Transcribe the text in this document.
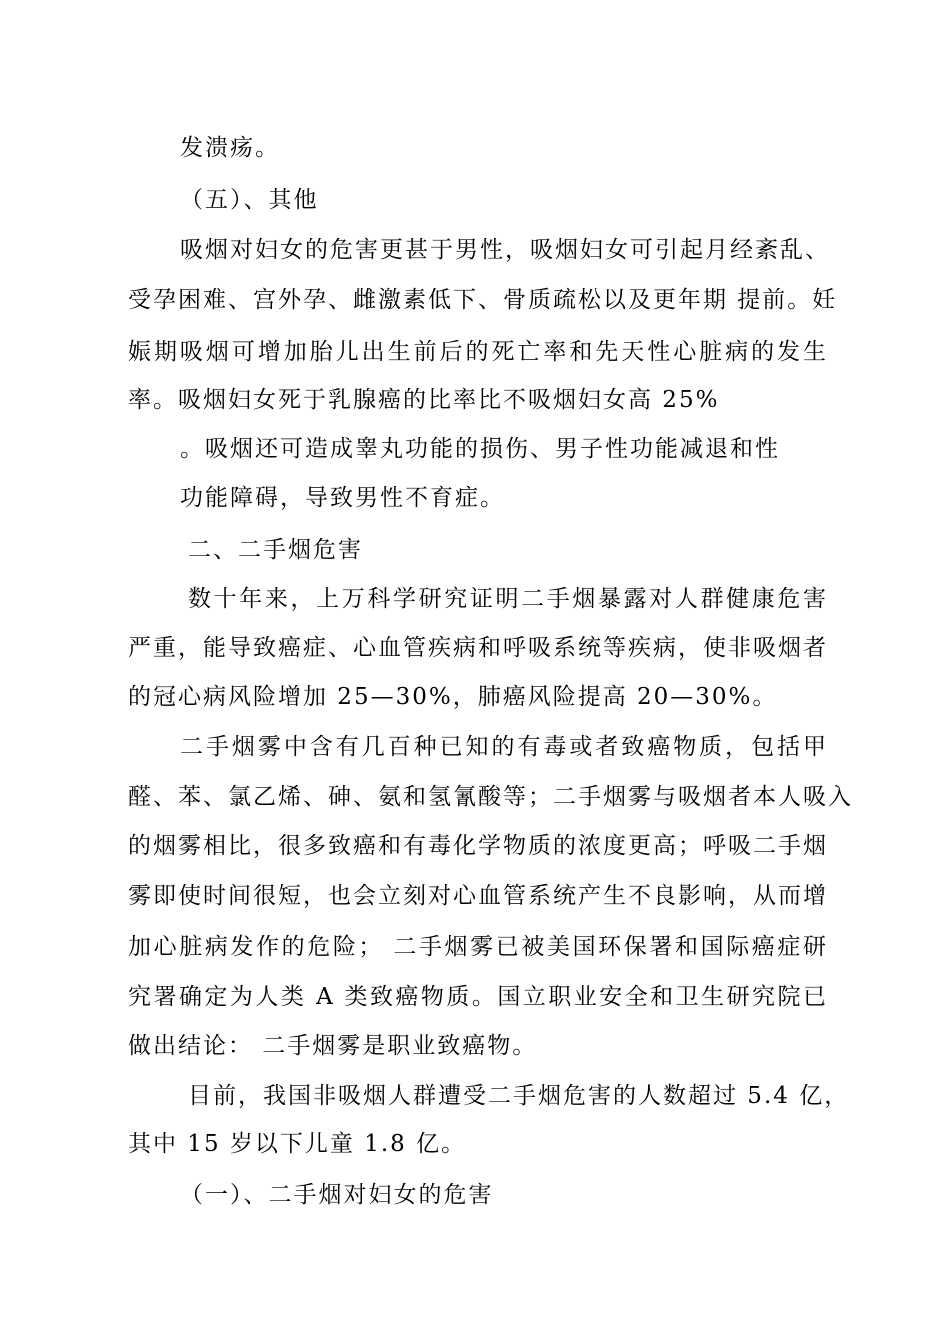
发溃疡。

（五）、其他

吸烟对妇女的危害更甚于男性，吸烟妇女可引起月经紊乱、

受孕困难、宫外孕、雌激素低下、骨质疏松以及更年期 提前。妊

娠期吸烟可增加胎儿出生前后的死亡率和先天性心脏病的发生

率。吸烟妇女死于乳腺癌的比率比不吸烟妇女高 25%

。吸烟还可造成睾丸功能的损伤、男子性功能减退和性

功能障碍，导致男性不育症。

二、二手烟危害

数十年来，上万科学研究证明二手烟暴露对人群健康危害

严重，能导致癌症、心血管疾病和呼吸系统等疾病，使非吸烟者

的冠心病风险增加 25—30%，肺癌风险提高 20—30%。

二手烟雾中含有几百种已知的有毒或者致癌物质，包括甲

醛、苯、氯乙烯、砷、氨和氢氰酸等；二手烟雾与吸烟者本人吸入

的烟雾相比，很多致癌和有毒化学物质的浓度更高；呼吸二手烟

雾即使时间很短，也会立刻对心血管系统产生不良影响，从而增

加心脏病发作的危险； 二手烟雾已被美国环保署和国际癌症研

究署确定为人类 A 类致癌物质。国立职业安全和卫生研究院已

做出结论： 二手烟雾是职业致癌物。

目前，我国非吸烟人群遭受二手烟危害的人数超过 5.4 亿，

其中 15 岁以下儿童 1.8 亿。

（一）、二手烟对妇女的危害
